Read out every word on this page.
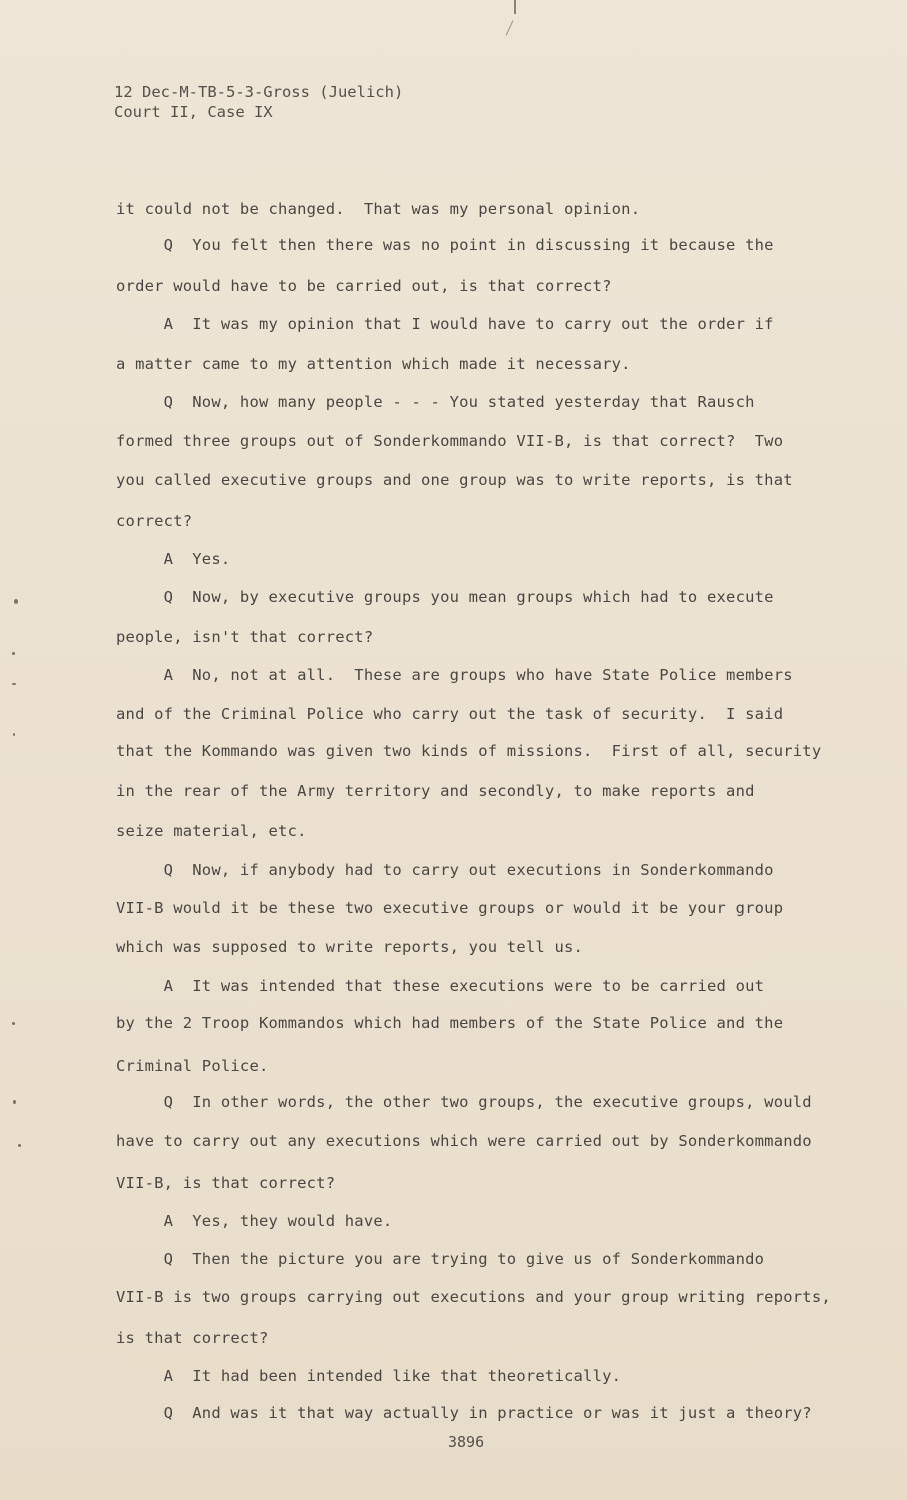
12 Dec-M-TB-5-3-Gross (Juelich)
Court II, Case IX
it could not be changed.  That was my personal opinion.
Q  You felt then there was no point in discussing it because the
order would have to be carried out, is that correct?
A  It was my opinion that I would have to carry out the order if
a matter came to my attention which made it necessary.
Q  Now, how many people - - - You stated yesterday that Rausch
formed three groups out of Sonderkommando VII-B, is that correct?  Two
you called executive groups and one group was to write reports, is that
correct?
A  Yes.
Q  Now, by executive groups you mean groups which had to execute
people, isn't that correct?
A  No, not at all.  These are groups who have State Police members
and of the Criminal Police who carry out the task of security.  I said
that the Kommando was given two kinds of missions.  First of all, security
in the rear of the Army territory and secondly, to make reports and
seize material, etc.
Q  Now, if anybody had to carry out executions in Sonderkommando
VII-B would it be these two executive groups or would it be your group
which was supposed to write reports, you tell us.
A  It was intended that these executions were to be carried out
by the 2 Troop Kommandos which had members of the State Police and the
Criminal Police.
Q  In other words, the other two groups, the executive groups, would
have to carry out any executions which were carried out by Sonderkommando
VII-B, is that correct?
A  Yes, they would have.
Q  Then the picture you are trying to give us of Sonderkommando
VII-B is two groups carrying out executions and your group writing reports,
is that correct?
A  It had been intended like that theoretically.
Q  And was it that way actually in practice or was it just a theory?
3896
